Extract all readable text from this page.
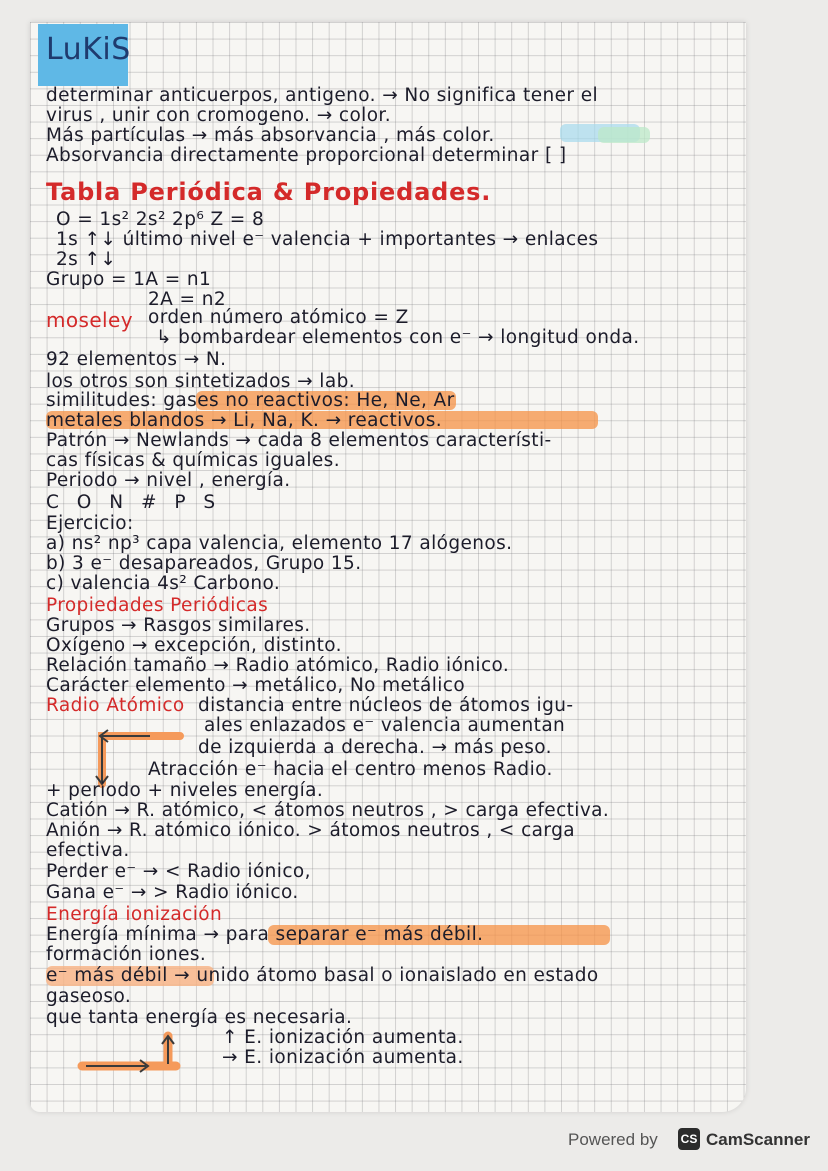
LuKiS
determinar anticuerpos, antigeno. → No significa tener el
virus , unir con cromogeno. → color.
Más partículas → más absorvancia , más color.
Absorvancia directamente proporcional determinar [ ]
Tabla Periódica & Propiedades.
O = 1s² 2s² 2p⁶ Z = 8
1s ↑↓ último nivel e⁻ valencia + importantes → enlaces
2s ↑↓
Grupo = 1A = n1
2A = n2
moseley orden número atómico = Z
↳ bombardear elementos con e⁻ → longitud onda.
92 elementos → N.
los otros son sintetizados → lab.
similitudes: gases no reactivos: He, Ne, Ar
metales blandos → Li, Na, K. → reactivos.
Patrón → Newlands → cada 8 elementos característi-
cas físicas & químicas iguales.
Periodo → nivel , energía.
C O N # P S
Ejercicio:
a) ns² np³ capa valencia, elemento 17 alógenos.
b) 3 e⁻ desapareados, Grupo 15.
c) valencia 4s² Carbono.
Propiedades Periódicas
Grupos → Rasgos similares.
Oxígeno → excepción, distinto.
Relación tamaño → Radio atómico, Radio iónico.
Carácter elemento → metálico, No metálico
Radio Atómico distancia entre núcleos de átomos igu-
ales enlazados e⁻ valencia aumentan
de izquierda a derecha. → más peso.
Atracción e⁻ hacia el centro menos Radio.
+ periodo + niveles energía.
Catión → R. atómico, < átomos neutros , > carga efectiva.
Anión → R. atómico iónico. > átomos neutros , < carga
efectiva.
Perder e⁻ → < Radio iónico,
Gana e⁻ → > Radio iónico.
Energía ionización
Energía mínima → para separar e⁻ más débil.
formación iones.
e⁻ más débil → unido átomo basal o ionaislado en estado
gaseoso.
que tanta energía es necesaria.
↑ E. ionización aumenta.
→ E. ionización aumenta.
Powered by CS CamScanner
